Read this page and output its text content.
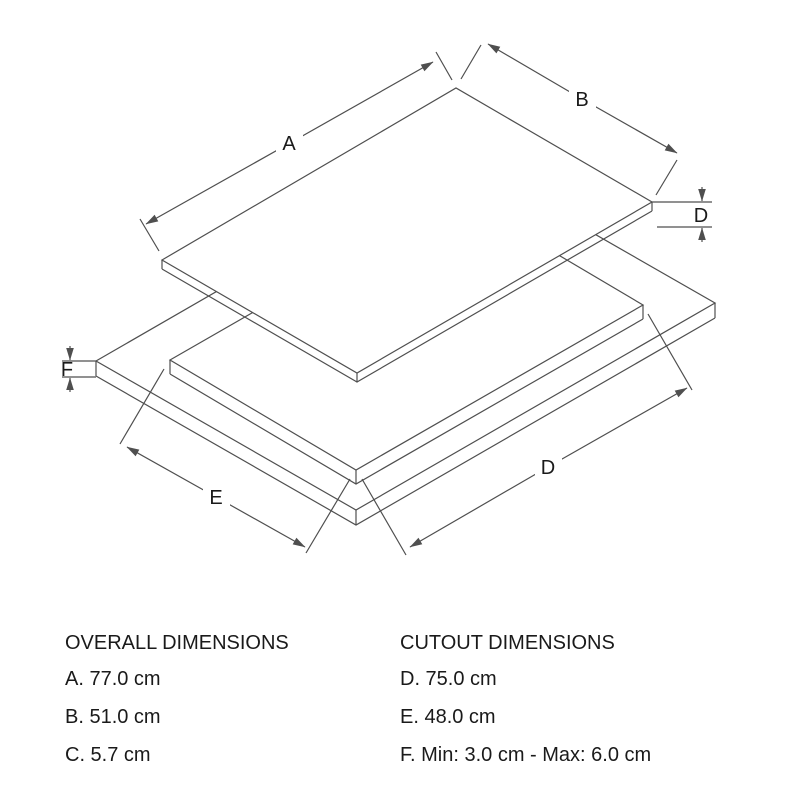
A
B
D
F
E
D
OVERALL DIMENSIONS
A. 77.0 cm
B. 51.0 cm
C. 5.7 cm
CUTOUT DIMENSIONS
D. 75.0 cm
E. 48.0 cm
F. Min: 3.0 cm - Max: 6.0 cm
